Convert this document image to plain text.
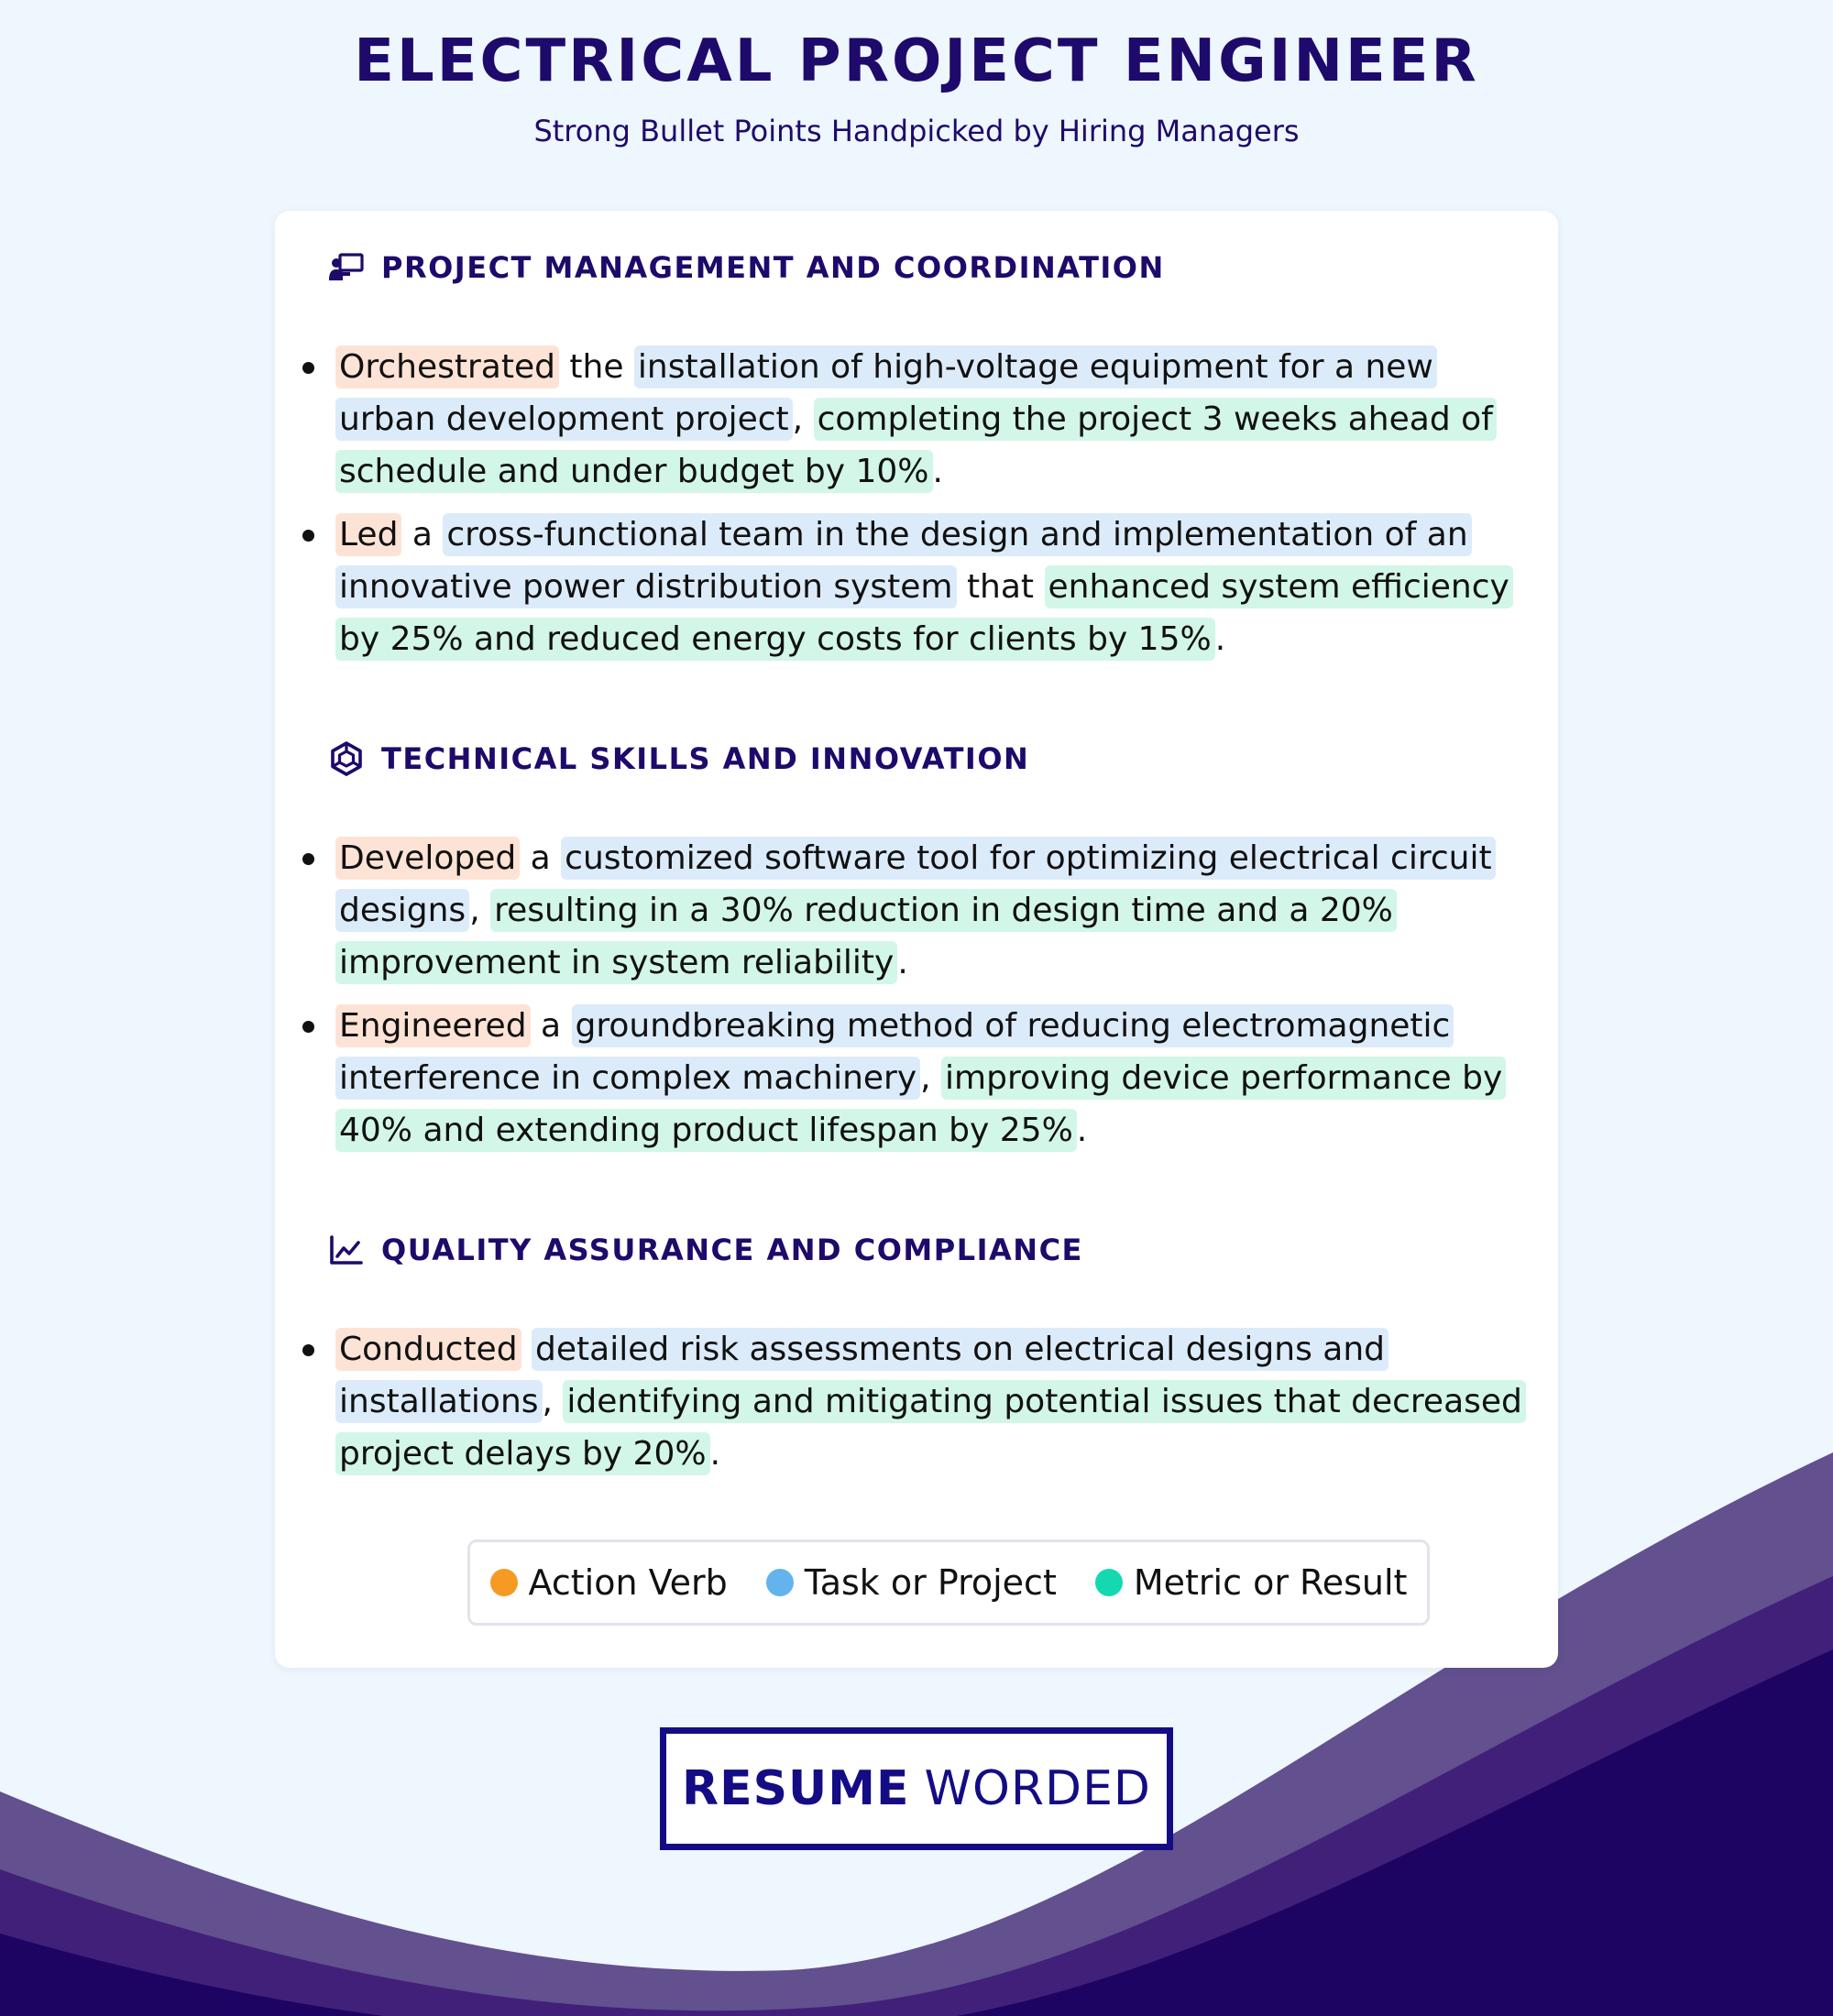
ELECTRICAL PROJECT ENGINEER

Strong Bullet Points Handpicked by Hiring Managers

PROJECT MANAGEMENT AND COORDINATION
Orchestrated the installation of high-voltage equipment for a new urban development project , completing the project 3 weeks ahead of schedule and under budget by 10% .
Led a cross-functional team in the design and implementation of an innovative power distribution system that enhanced system efficiency by 25% and reduced energy costs for clients by 15% .
TECHNICAL SKILLS AND INNOVATION
Developed a customized software tool for optimizing electrical circuit designs , resulting in a 30% reduction in design time and a 20% improvement in system reliability .
Engineered a groundbreaking method of reducing electromagnetic interference in complex machinery , improving device performance by 40% and extending product lifespan by 25% .
QUALITY ASSURANCE AND COMPLIANCE
Conducted detailed risk assessments on electrical designs and installations , identifying and mitigating potential issues that decreased project delays by 20% .
Action Verb Task or Project Metric or Result
RESUME WORDED
